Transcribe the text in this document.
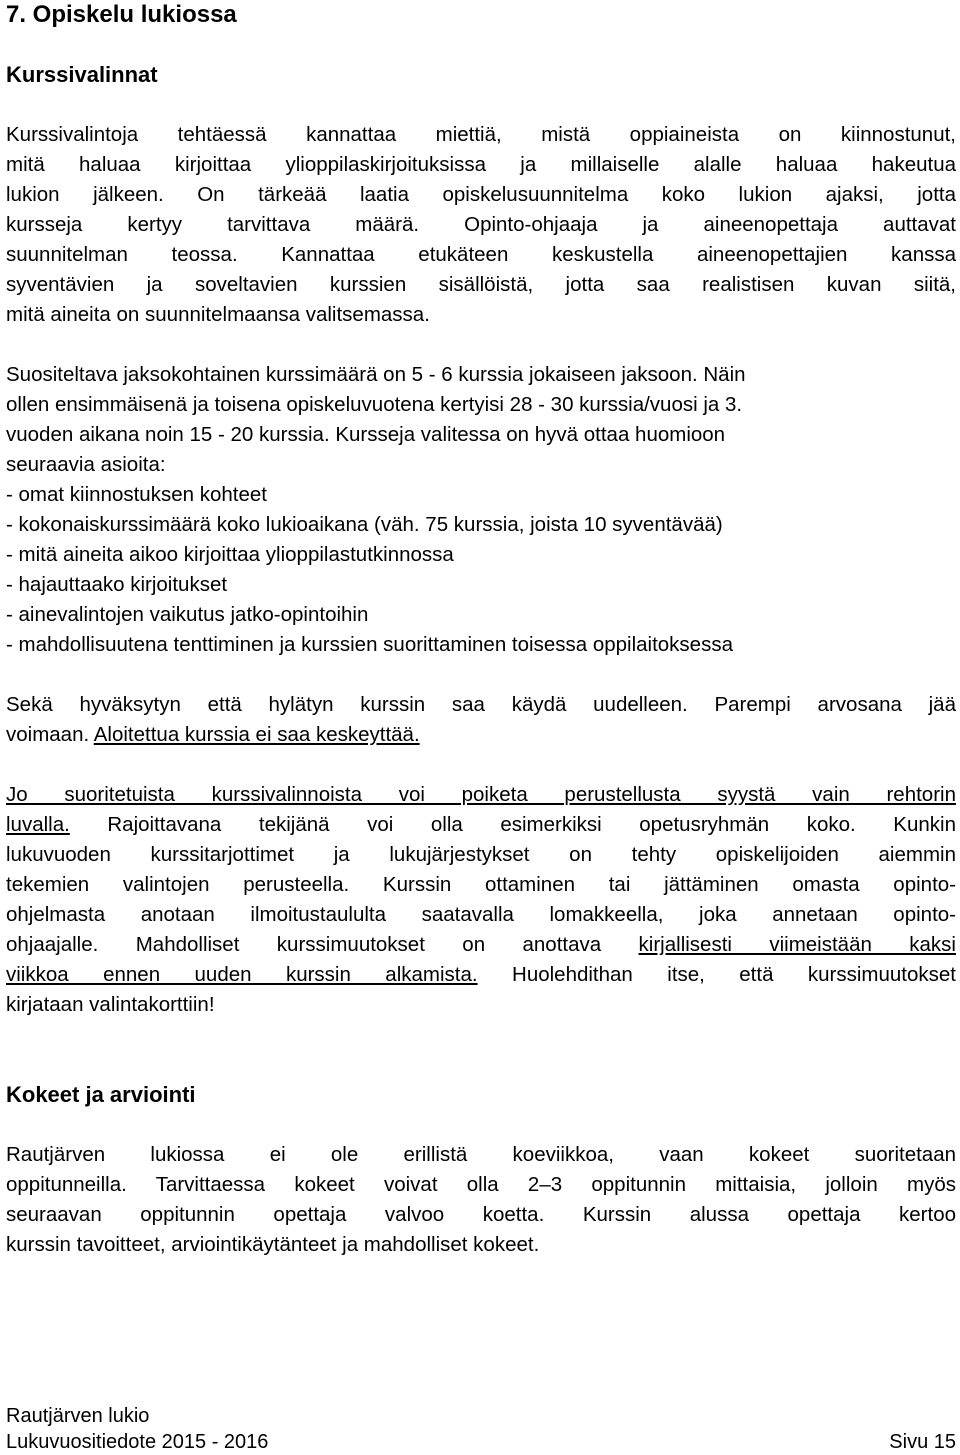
7. Opiskelu lukiossa
Kurssivalinnat
Kurssivalintoja tehtäessä kannattaa miettiä, mistä oppiaineista on kiinnostunut,
mitä haluaa kirjoittaa ylioppilaskirjoituksissa ja millaiselle alalle haluaa hakeutua
lukion jälkeen. On tärkeää laatia opiskelusuunnitelma koko lukion ajaksi, jotta
kursseja kertyy tarvittava määrä. Opinto-ohjaaja ja aineenopettaja auttavat
suunnitelman teossa. Kannattaa etukäteen keskustella aineenopettajien kanssa
syventävien ja soveltavien kurssien sisällöistä, jotta saa realistisen kuvan siitä,
mitä aineita on suunnitelmaansa valitsemassa.
Suositeltava jaksokohtainen kurssimäärä on 5 - 6 kurssia jokaiseen jaksoon. Näin
ollen ensimmäisenä ja toisena opiskeluvuotena kertyisi 28 - 30 kurssia/vuosi ja 3.
vuoden aikana noin 15 - 20 kurssia. Kursseja valitessa on hyvä ottaa huomioon
seuraavia asioita:
- omat kiinnostuksen kohteet
- kokonaiskurssimäärä koko lukioaikana (väh. 75 kurssia, joista 10 syventävää)
- mitä aineita aikoo kirjoittaa ylioppilastutkinnossa
- hajauttaako kirjoitukset
- ainevalintojen vaikutus jatko-opintoihin
- mahdollisuutena tenttiminen ja kurssien suorittaminen toisessa oppilaitoksessa
Sekä hyväksytyn että hylätyn kurssin saa käydä uudelleen. Parempi arvosana jää
voimaan. Aloitettua kurssia ei saa keskeyttää.
Jo suoritetuista kurssivalinnoista voi poiketa perustellusta syystä vain rehtorin
luvalla. Rajoittavana tekijänä voi olla esimerkiksi opetusryhmän koko. Kunkin
lukuvuoden kurssitarjottimet ja lukujärjestykset on tehty opiskelijoiden aiemmin
tekemien valintojen perusteella. Kurssin ottaminen tai jättäminen omasta opinto-
ohjelmasta anotaan ilmoitustaululta saatavalla lomakkeella, joka annetaan opinto-
ohjaajalle. Mahdolliset kurssimuutokset on anottava kirjallisesti viimeistään kaksi
viikkoa ennen uuden kurssin alkamista. Huolehdithan itse, että kurssimuutokset
kirjataan valintakorttiin!
Kokeet ja arviointi
Rautjärven lukiossa ei ole erillistä koeviikkoa, vaan kokeet suoritetaan
oppitunneilla. Tarvittaessa kokeet voivat olla 2–3 oppitunnin mittaisia, jolloin myös
seuraavan oppitunnin opettaja valvoo koetta. Kurssin alussa opettaja kertoo
kurssin tavoitteet, arviointikäytänteet ja mahdolliset kokeet.
Rautjärven lukio
Lukuvuositiedote 2015 - 2016	Sivu 15
